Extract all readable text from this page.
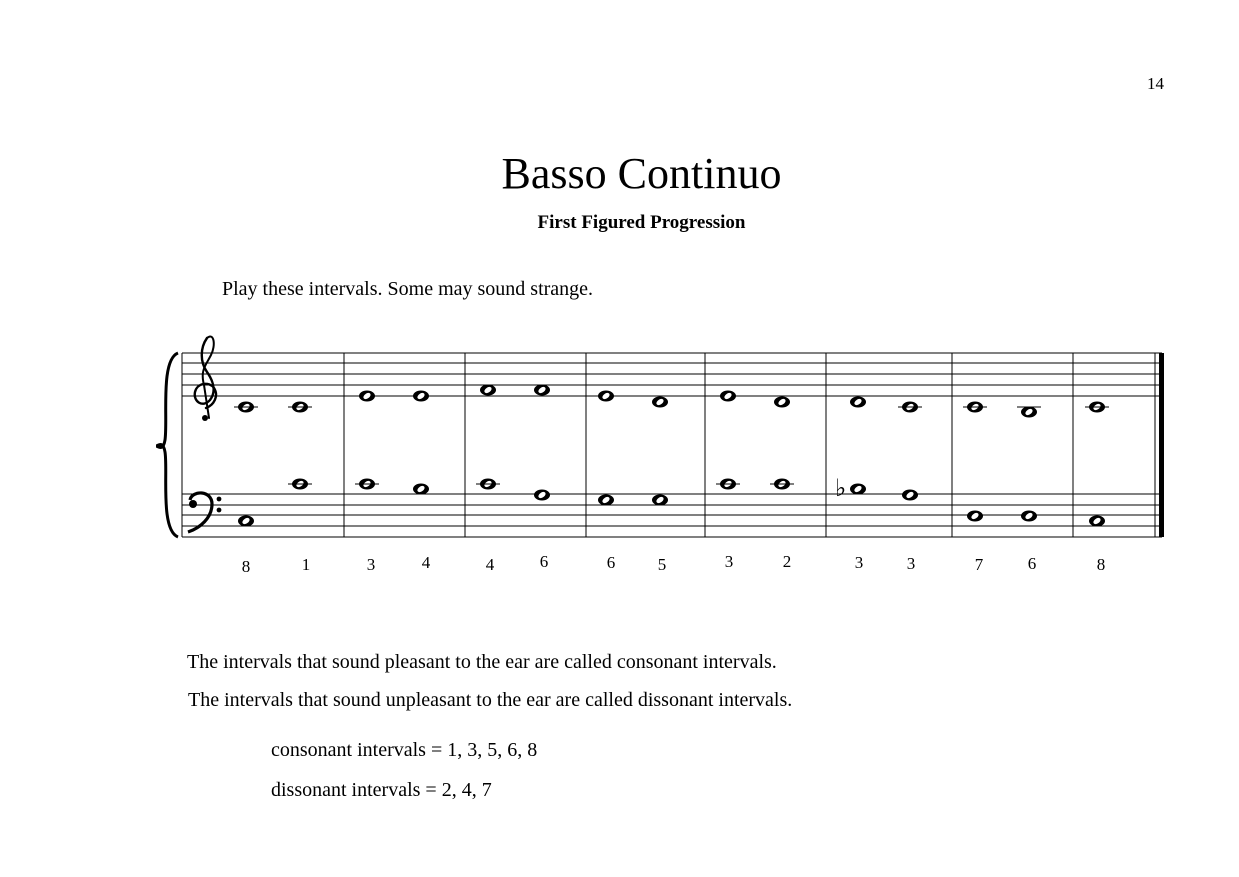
14
Basso Continuo
First Figured Progression
Play these intervals. Some may sound strange.
♭
8	1	3	4	4	6	6	5	3	2	3	3	7	6	8
The intervals that sound pleasant to the ear are called consonant intervals.
The intervals that sound unpleasant to the ear are called dissonant intervals.
consonant intervals = 1, 3, 5, 6, 8
dissonant intervals = 2, 4, 7
